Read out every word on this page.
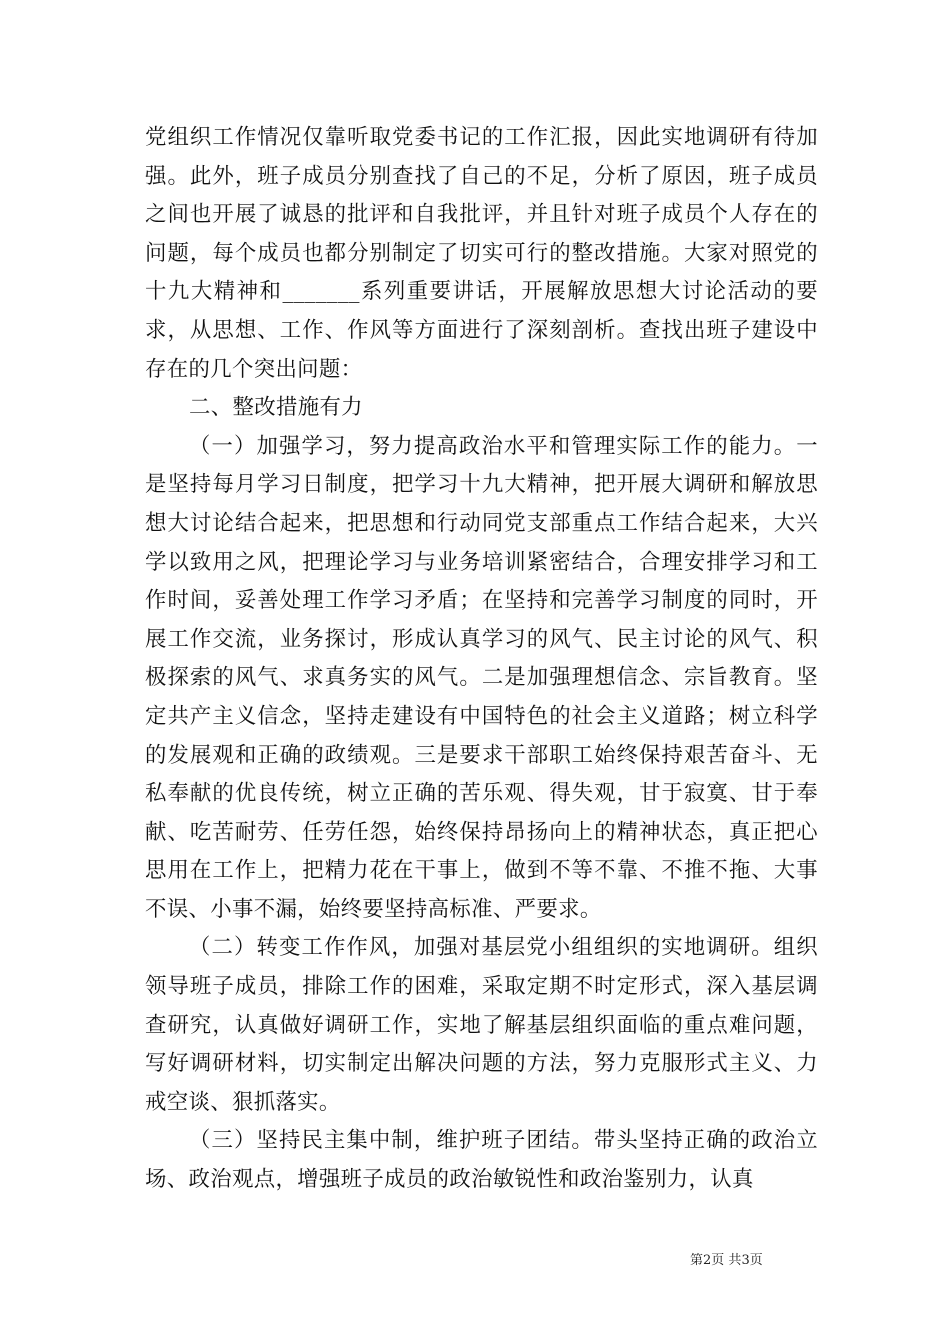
党组织工作情况仅靠听取党委书记的工作汇报，因此实地调研有待加强。此外，班子成员分别查找了自己的不足，分析了原因，班子成员之间也开展了诚恳的批评和自我批评，并且针对班子成员个人存在的问题，每个成员也都分别制定了切实可行的整改措施。大家对照党的十九大精神和_______系列重要讲话，开展解放思想大讨论活动的要求，从思想、工作、作风等方面进行了深刻剖析。查找出班子建设中存在的几个突出问题：

二、整改措施有力

（一）加强学习，努力提高政治水平和管理实际工作的能力。一是坚持每月学习日制度，把学习十九大精神，把开展大调研和解放思想大讨论结合起来，把思想和行动同党支部重点工作结合起来，大兴学以致用之风，把理论学习与业务培训紧密结合，合理安排学习和工作时间，妥善处理工作学习矛盾；在坚持和完善学习制度的同时，开展工作交流，业务探讨，形成认真学习的风气、民主讨论的风气、积极探索的风气、求真务实的风气。二是加强理想信念、宗旨教育。坚定共产主义信念，坚持走建设有中国特色的社会主义道路；树立科学的发展观和正确的政绩观。三是要求干部职工始终保持艰苦奋斗、无私奉献的优良传统，树立正确的苦乐观、得失观，甘于寂寞、甘于奉献、吃苦耐劳、任劳任怨，始终保持昂扬向上的精神状态，真正把心思用在工作上，把精力花在干事上，做到不等不靠、不推不拖、大事不误、小事不漏，始终要坚持高标准、严要求。

（二）转变工作作风，加强对基层党小组组织的实地调研。组织领导班子成员，排除工作的困难，采取定期不时定形式，深入基层调查研究，认真做好调研工作，实地了解基层组织面临的重点难问题，写好调研材料，切实制定出解决问题的方法，努力克服形式主义、力戒空谈、狠抓落实。

（三）坚持民主集中制，维护班子团结。带头坚持正确的政治立场、政治观点，增强班子成员的政治敏锐性和政治鉴别力，认真

第2页 共3页
